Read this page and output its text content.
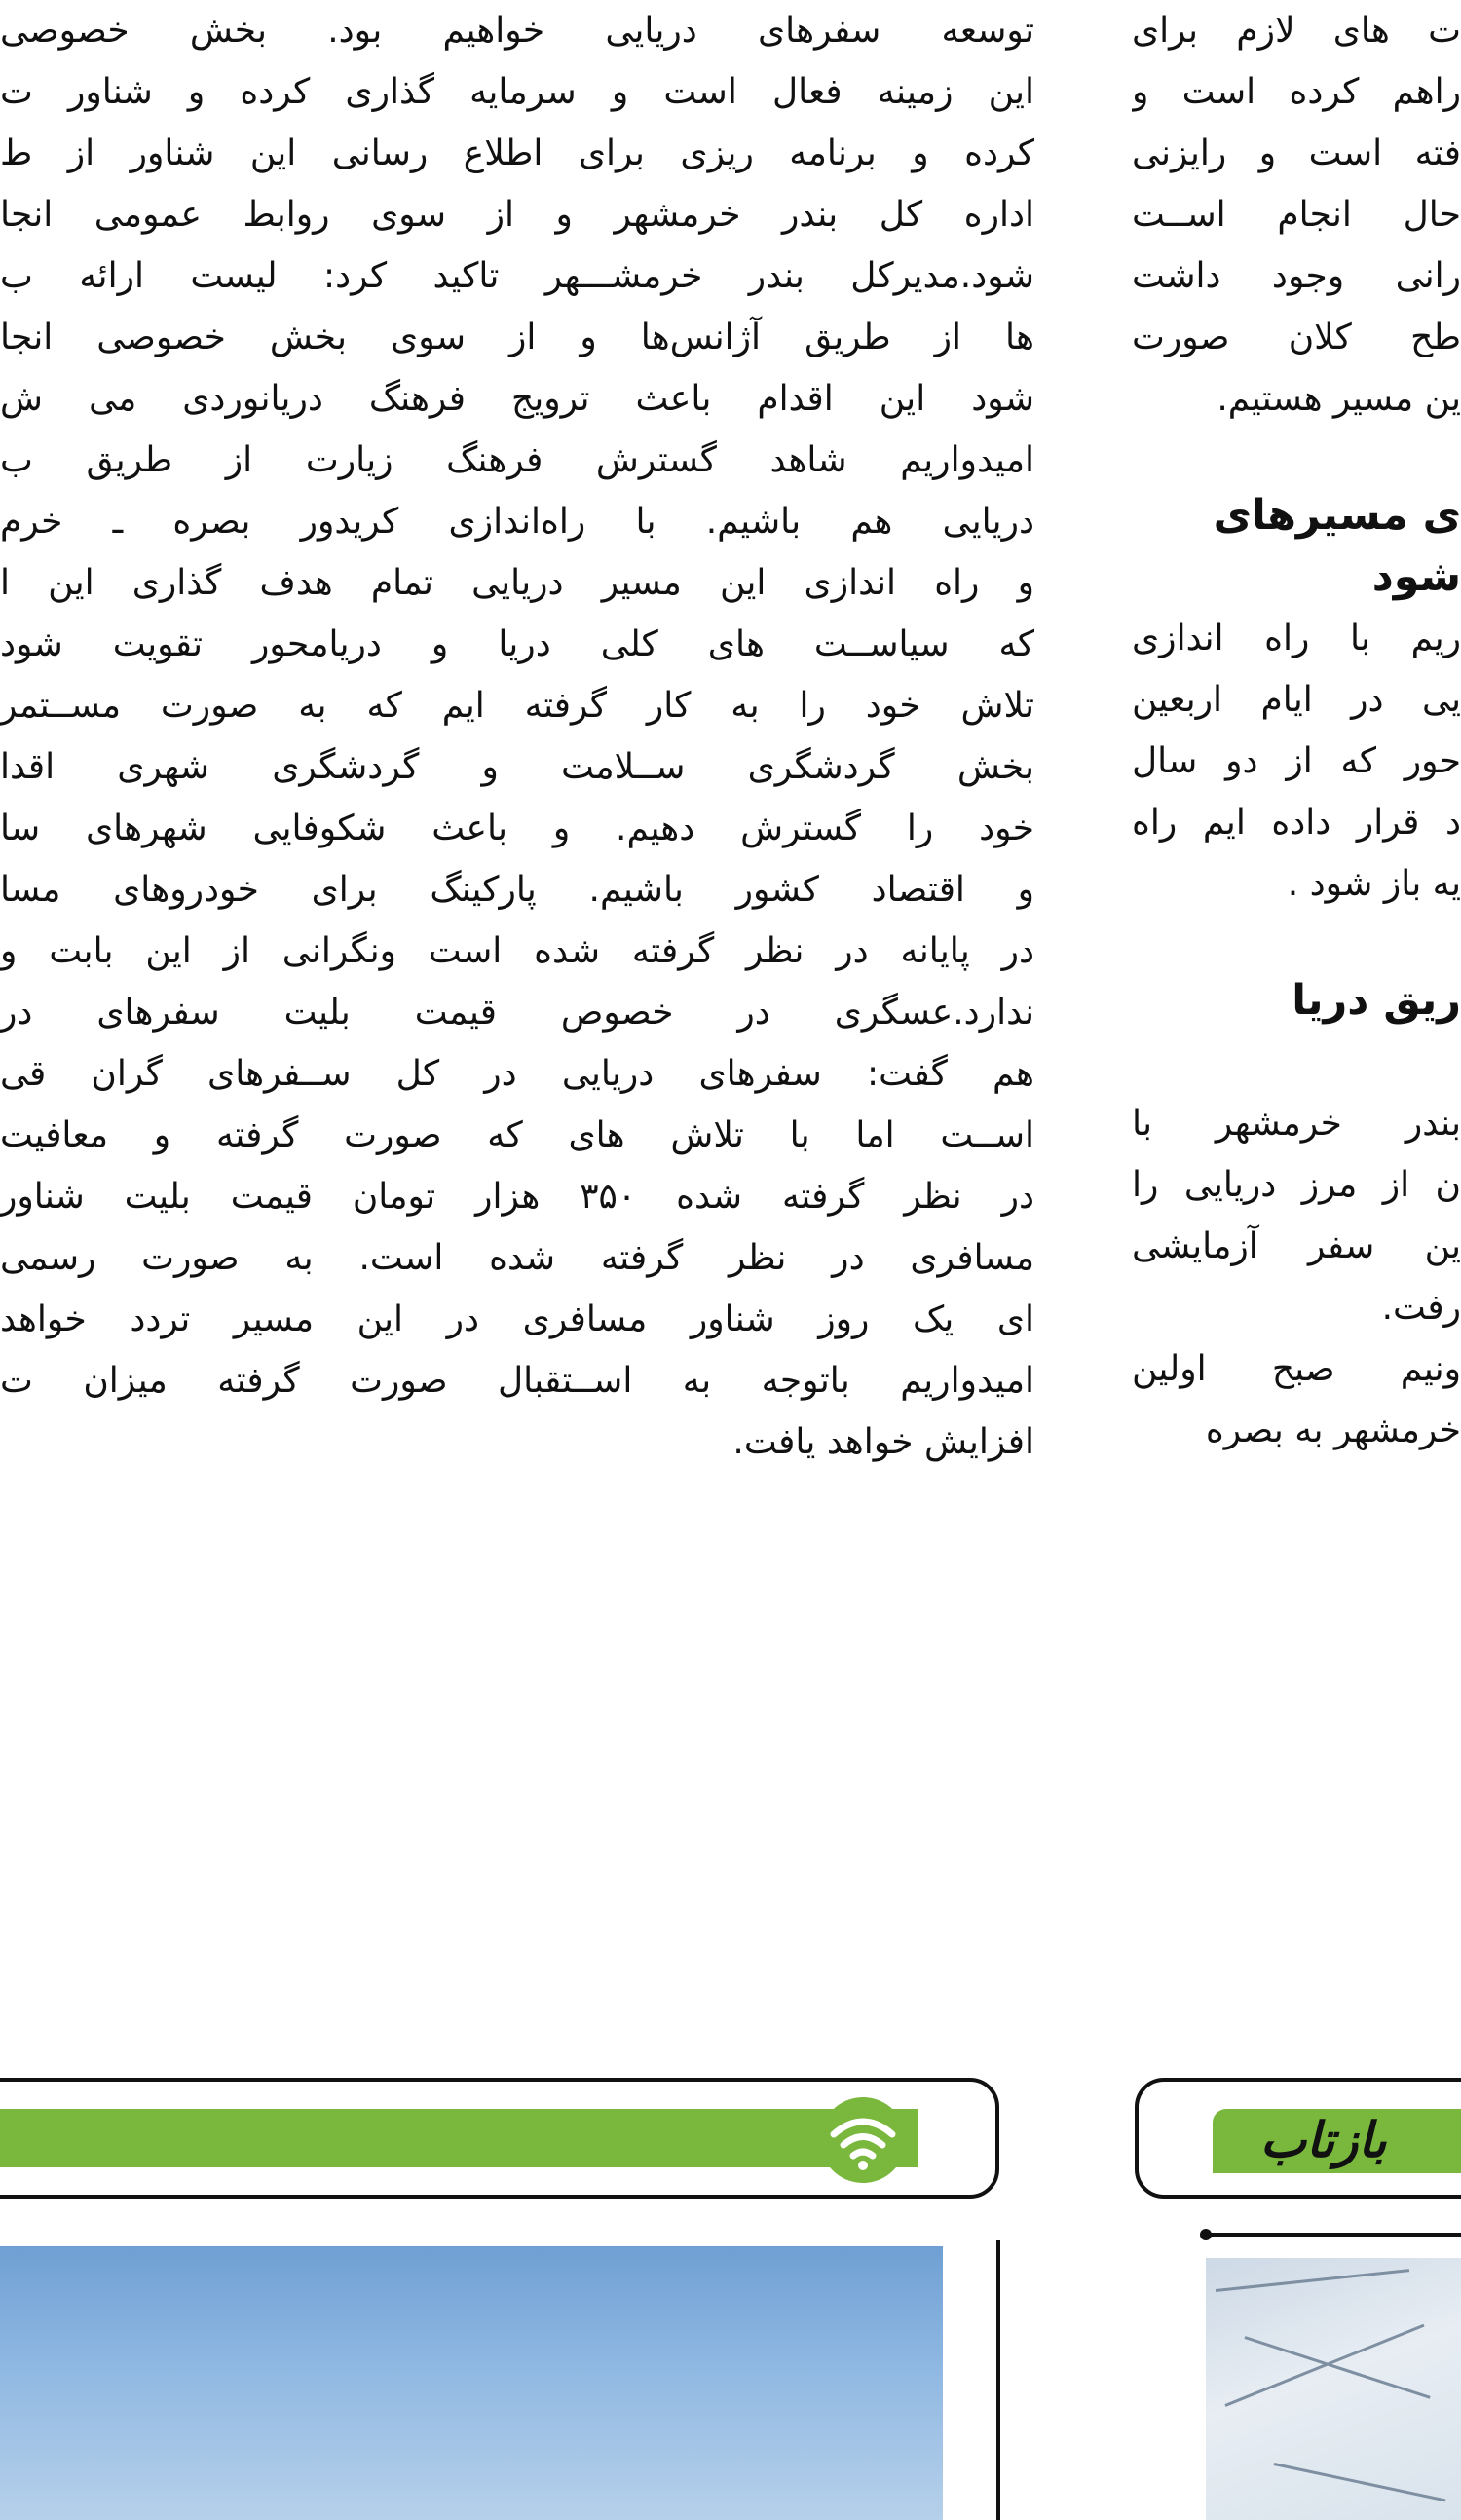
توسعه سفرهای دریایی خواهیم بود. بخش خصوصی
این زمینه فعال است و سرمایه گذاری کرده و شناور ت
کرده و برنامه ریزی برای اطلاع رسانی این شناور از ط
اداره کل بندر خرمشهر و از سوی روابط عمومی انجا
شود.مدیرکل بندر خرمشـــهر تاکید کرد: لیست ارائه ب
ها از طریق آژانس‌ها و از سوی بخش خصوصی انجا
شود این اقدام باعث ترویج فرهنگ دریانوردی می ش
امیدواریم شاهد گسترش فرهنگ زیارت از طریق ب
دریایی هم باشیم. با راه‌اندازی کریدور بصره ـ خرم
و راه اندازی این مسیر دریایی تمام هدف گذاری این ا
که سیاســت های کلی دریا و دریامحور تقویت شود
تلاش خود را به کار گرفته ایم که به صورت مســتمر
بخش گردشگری ســلامت و گردشگری شهری اقدا
خود را گسترش دهیم. و باعث شکوفایی شهرهای سا
و اقتصاد کشور باشیم. پارکینگ برای خودروهای مسا
در پایانه در نظر گرفته شده است ونگرانی از این بابت و
ندارد.عسگری در خصوص قیمت بلیت سفرهای در
هم گفت: سفرهای دریایی در کل ســفرهای گران قی
اســت اما با تلاش های که صورت گرفته و معافیت
در نظر گرفته شده ۳۵۰ هزار تومان قیمت بلیت شناور
مسافری در نظر گرفته شده است. به صورت رسمی
ای یک روز شناور مسافری در این مسیر تردد خواهد
امیدواریم باتوجه به اســتقبال صورت گرفته میزان ت
افزایش خواهد یافت.
ت های لازم برای
راهم کرده است و
فته است و رایزنی
حال انجام اســت
رانی وجود داشت
طح کلان صورت
ین مسیر هستیم.
ی مسیرهای
شود
ریم با راه اندازی
یی در ایام اربعین
حور که از دو سال
د قرار داده ایم راه
یه باز شود .
ریق دریا
بندر خرمشهر با
ن از مرز دریایی را
ین سفر آزمایشی
رفت.
ونیم صبح اولین
خرمشهر به بصره
بازتاب
